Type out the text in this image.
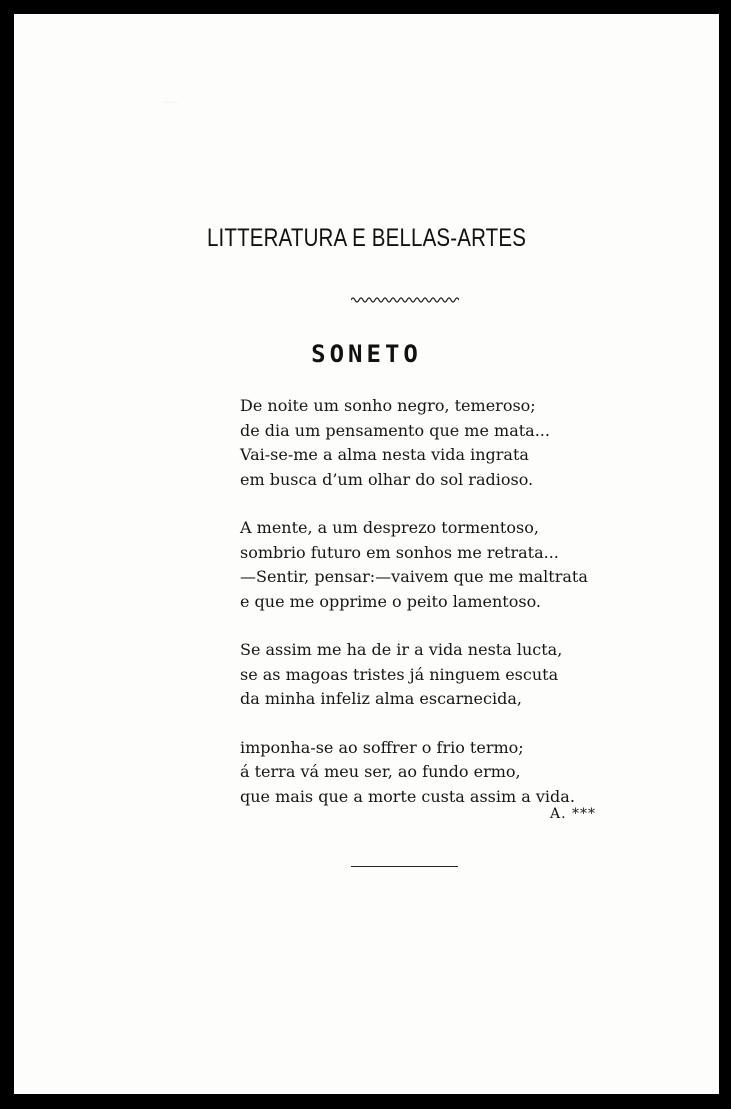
—
LITTERATURA E BELLAS-ARTES
SONETO
De noite um sonho negro, temeroso;
de dia um pensamento que me mata...
Vai-se-me a alma nesta vida ingrata
em busca d’um olhar do sol radioso.
A mente, a um desprezo tormentoso,
sombrio futuro em sonhos me retrata...
—Sentir, pensar:—vaivem que me maltrata
e que me opprime o peito lamentoso.
Se assim me ha de ir a vida nesta lucta,
se as magoas tristes já ninguem escuta
da minha infeliz alma escarnecida,
imponha-se ao soffrer o frio termo;
á terra vá meu ser, ao fundo ermo,
que mais que a morte custa assim a vida.
A. ***
